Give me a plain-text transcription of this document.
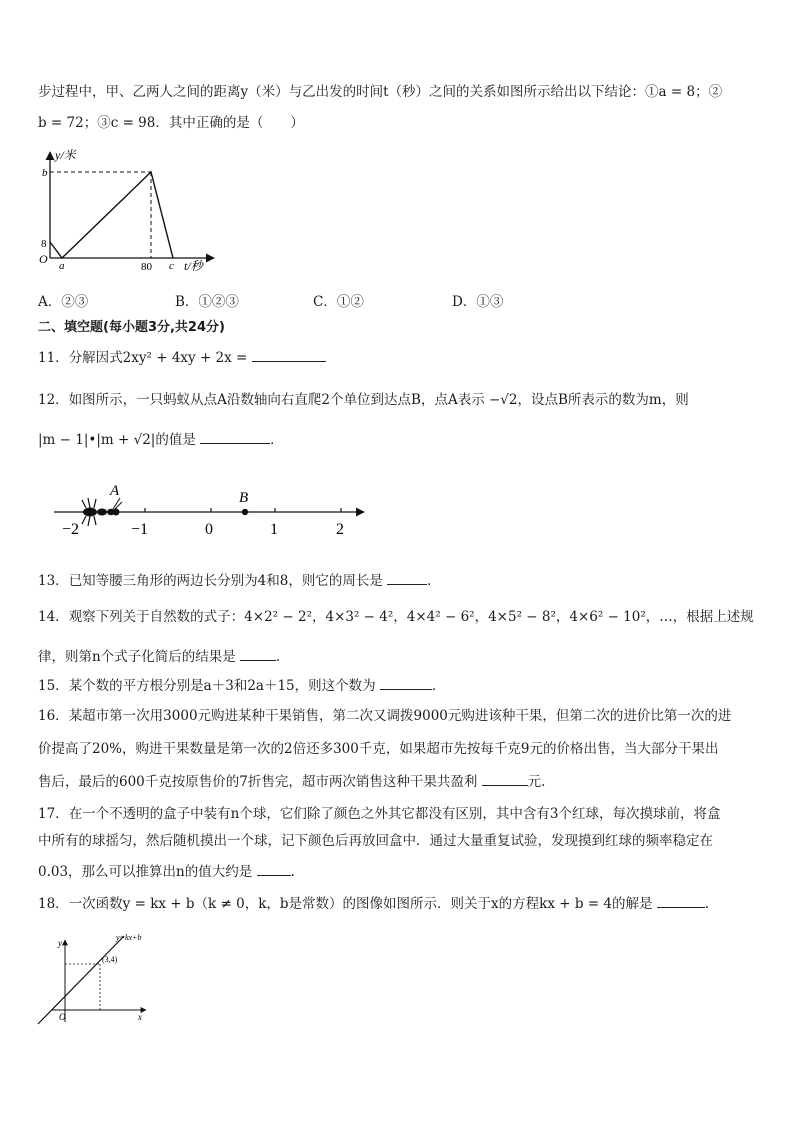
步过程中，甲、乙两人之间的距离y（米）与乙出发的时间t（秒）之间的关系如图所示给出以下结论：①a = 8；②
b = 72；③c = 98．其中正确的是（　　）
y/米
b
8
O a	80 c t/秒
A．②③	B．①②③	C．①②	D．①③
二、填空题(每小题3分,共24分)
11．分解因式2xy² + 4xy + 2x =
12．如图所示，一只蚂蚁从点A沿数轴向右直爬2个单位到达点B，点A表示 −√2，设点B所表示的数为m，则
|m − 1|•|m + √2|的值是	．
A	B
−2	−1	0	1	2
13．已知等腰三角形的两边长分别为4和8，则它的周长是	．
14．观察下列关于自然数的式子：4×2² − 2²，4×3² − 4²，4×4² − 6²，4×5² − 8²，4×6² − 10²，…，根据上述规
律，则第n个式子化简后的结果是	．
15．某个数的平方根分别是a＋3和2a＋15，则这个数为	．
16．某超市第一次用3000元购进某种干果销售，第二次又调拨9000元购进该种干果，但第二次的进价比第一次的进
价提高了20%，购进干果数量是第一次的2倍还多300千克，如果超市先按每千克9元的价格出售，当大部分干果出
售后，最后的600千克按原售价的7折售完，超市两次销售这种干果共盈利	元.
17．在一个不透明的盒子中装有n个球，它们除了颜色之外其它都没有区别，其中含有3个红球，每次摸球前，将盒
中所有的球摇匀，然后随机摸出一个球，记下颜色后再放回盒中．通过大量重复试验，发现摸到红球的频率稳定在
0.03，那么可以推算出n的值大约是	.
18．一次函数y = kx + b（k ≠ 0，k，b是常数）的图像如图所示．则关于x的方程kx + b = 4的解是	.
y=kx+b
(3,4)
y
x
O
